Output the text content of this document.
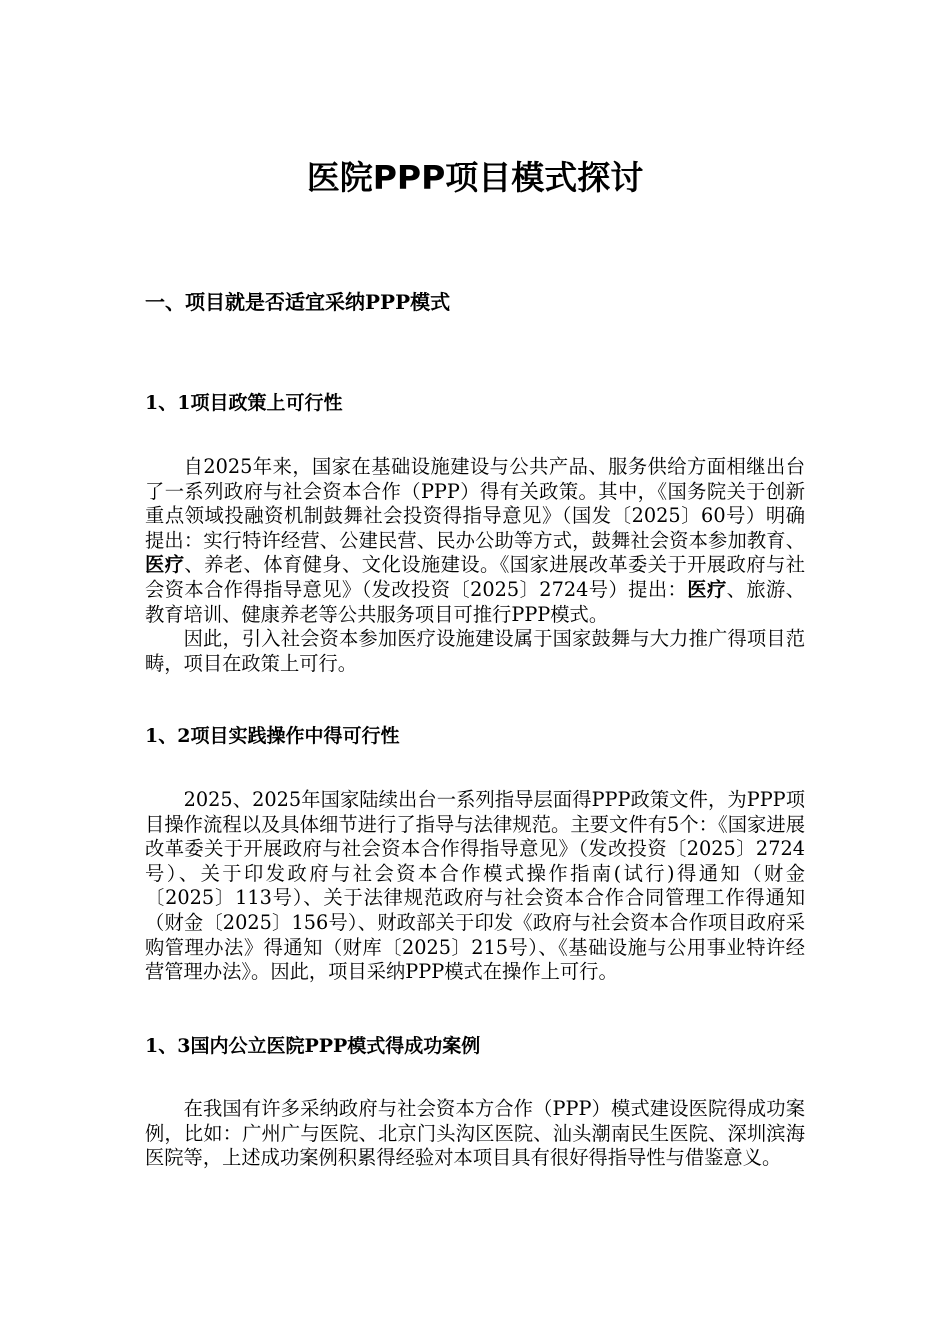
医院PPP项目模式探讨
一、项目就是否适宜采纳PPP模式
1、1项目政策上可行性

自2025年来，国家在基础设施建设与公共产品、服务供给方面相继出台了一系列政府与社会资本合作（PPP）得有关政策。其中，《国务院关于创新重点领域投融资机制鼓舞社会投资得指导意见》（国发〔2025〕60号）明确提出：实行特许经营、公建民营、民办公助等方式，鼓舞社会资本参加教育、医疗、养老、体育健身、文化设施建设。《国家进展改革委关于开展政府与社会资本合作得指导意见》（发改投资〔2025〕2724号）提出：医疗、旅游、教育培训、健康养老等公共服务项目可推行PPP模式。

因此，引入社会资本参加医疗设施建设属于国家鼓舞与大力推广得项目范畴，项目在政策上可行。

1、2项目实践操作中得可行性

2025、2025年国家陆续出台一系列指导层面得PPP政策文件，为PPP项目操作流程以及具体细节进行了指导与法律规范。主要文件有5个：《国家进展改革委关于开展政府与社会资本合作得指导意见》（发改投资〔2025〕2724号）、关于印发政府与社会资本合作模式操作指南(试行)得通知（财金〔2025〕113号）、关于法律规范政府与社会资本合作合同管理工作得通知（财金〔2025〕156号）、财政部关于印发《政府与社会资本合作项目政府采购管理办法》得通知（财库〔2025〕215号）、《基础设施与公用事业特许经营管理办法》。因此，项目采纳PPP模式在操作上可行。

1、3国内公立医院PPP模式得成功案例

在我国有许多采纳政府与社会资本方合作（PPP）模式建设医院得成功案例，比如：广州广与医院、北京门头沟区医院、汕头潮南民生医院、深圳滨海医院等，上述成功案例积累得经验对本项目具有很好得指导性与借鉴意义。
